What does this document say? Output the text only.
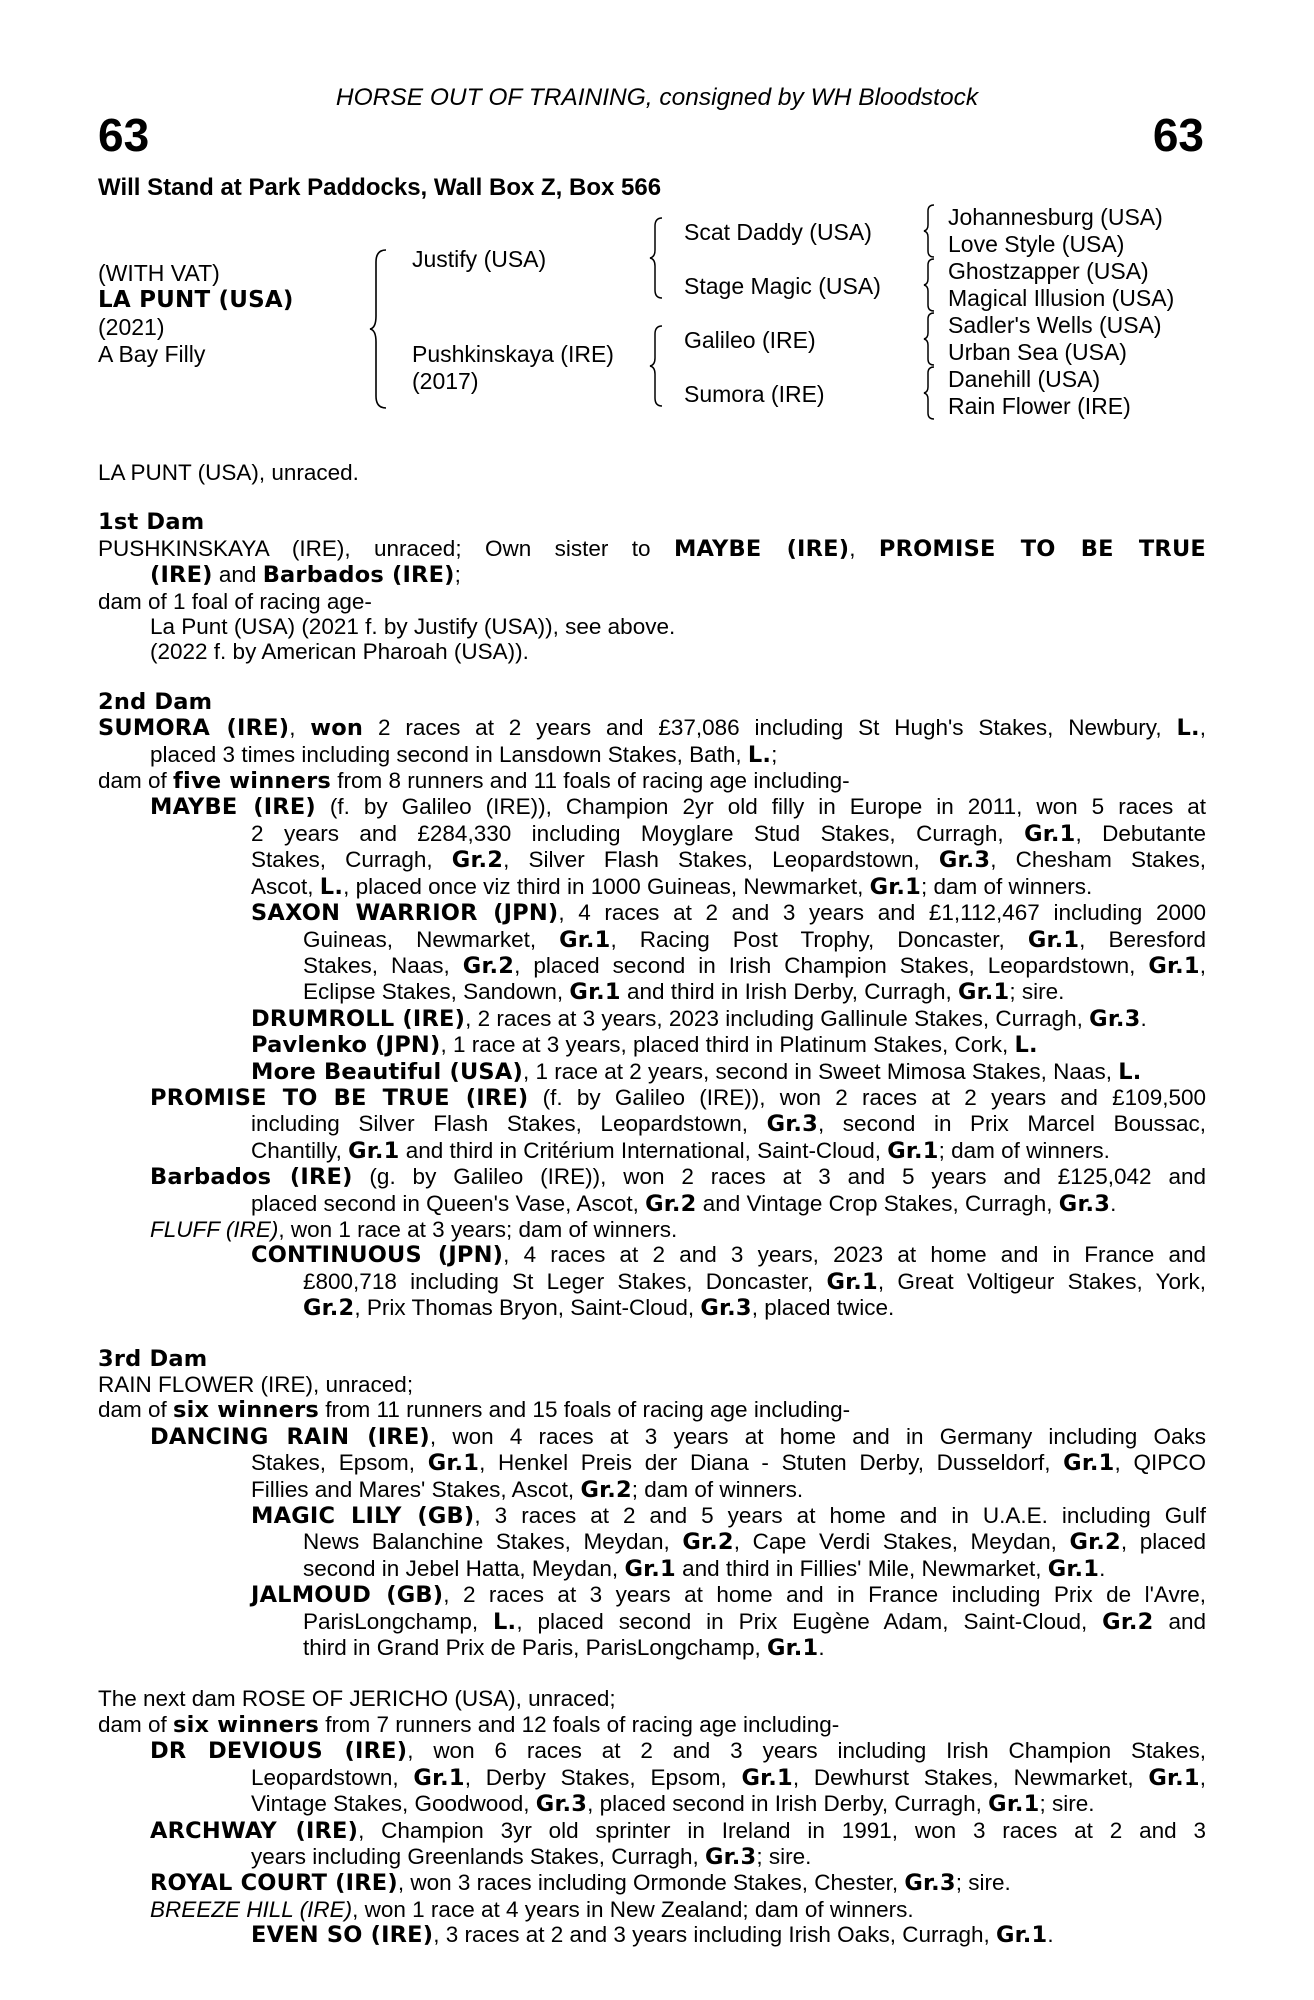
HORSE OUT OF TRAINING, consigned by WH Bloodstock
63	63
Will Stand at Park Paddocks, Wall Box Z, Box 566
(WITH VAT)
LA PUNT (USA)
(2021)
A Bay Filly
Justify (USA)
Pushkinskaya (IRE)
(2017)
Scat Daddy (USA)
Stage Magic (USA)
Galileo (IRE)
Sumora (IRE)
Johannesburg (USA)
Love Style (USA)
Ghostzapper (USA)
Magical Illusion (USA)
Sadler's Wells (USA)
Urban Sea (USA)
Danehill (USA)
Rain Flower (IRE)

LA PUNT (USA), unraced.

1st Dam

PUSHKINSKAYA (IRE), unraced; Own sister to MAYBE (IRE), PROMISE TO BE TRUE

(IRE) and Barbados (IRE);

dam of 1 foal of racing age-

La Punt (USA) (2021 f. by Justify (USA)), see above.

(2022 f. by American Pharoah (USA)).

2nd Dam

SUMORA (IRE), won 2 races at 2 years and £37,086 including St Hugh's Stakes, Newbury, L.,

placed 3 times including second in Lansdown Stakes, Bath, L.;

dam of five winners from 8 runners and 11 foals of racing age including-

MAYBE (IRE) (f. by Galileo (IRE)), Champion 2yr old filly in Europe in 2011, won 5 races at

2 years and £284,330 including Moyglare Stud Stakes, Curragh, Gr.1, Debutante

Stakes, Curragh, Gr.2, Silver Flash Stakes, Leopardstown, Gr.3, Chesham Stakes,

Ascot, L., placed once viz third in 1000 Guineas, Newmarket, Gr.1; dam of winners.

SAXON WARRIOR (JPN), 4 races at 2 and 3 years and £1,112,467 including 2000

Guineas, Newmarket, Gr.1, Racing Post Trophy, Doncaster, Gr.1, Beresford

Stakes, Naas, Gr.2, placed second in Irish Champion Stakes, Leopardstown, Gr.1,

Eclipse Stakes, Sandown, Gr.1 and third in Irish Derby, Curragh, Gr.1; sire.

DRUMROLL (IRE), 2 races at 3 years, 2023 including Gallinule Stakes, Curragh, Gr.3.

Pavlenko (JPN), 1 race at 3 years, placed third in Platinum Stakes, Cork, L.

More Beautiful (USA), 1 race at 2 years, second in Sweet Mimosa Stakes, Naas, L.

PROMISE TO BE TRUE (IRE) (f. by Galileo (IRE)), won 2 races at 2 years and £109,500

including Silver Flash Stakes, Leopardstown, Gr.3, second in Prix Marcel Boussac,

Chantilly, Gr.1 and third in Critérium International, Saint-Cloud, Gr.1; dam of winners.

Barbados (IRE) (g. by Galileo (IRE)), won 2 races at 3 and 5 years and £125,042 and

placed second in Queen's Vase, Ascot, Gr.2 and Vintage Crop Stakes, Curragh, Gr.3.

FLUFF (IRE), won 1 race at 3 years; dam of winners.

CONTINUOUS (JPN), 4 races at 2 and 3 years, 2023 at home and in France and

£800,718 including St Leger Stakes, Doncaster, Gr.1, Great Voltigeur Stakes, York,

Gr.2, Prix Thomas Bryon, Saint-Cloud, Gr.3, placed twice.

3rd Dam

RAIN FLOWER (IRE), unraced;

dam of six winners from 11 runners and 15 foals of racing age including-

DANCING RAIN (IRE), won 4 races at 3 years at home and in Germany including Oaks

Stakes, Epsom, Gr.1, Henkel Preis der Diana - Stuten Derby, Dusseldorf, Gr.1, QIPCO

Fillies and Mares' Stakes, Ascot, Gr.2; dam of winners.

MAGIC LILY (GB), 3 races at 2 and 5 years at home and in U.A.E. including Gulf

News Balanchine Stakes, Meydan, Gr.2, Cape Verdi Stakes, Meydan, Gr.2, placed

second in Jebel Hatta, Meydan, Gr.1 and third in Fillies' Mile, Newmarket, Gr.1.

JALMOUD (GB), 2 races at 3 years at home and in France including Prix de l'Avre,

ParisLongchamp, L., placed second in Prix Eugène Adam, Saint-Cloud, Gr.2 and

third in Grand Prix de Paris, ParisLongchamp, Gr.1.

The next dam ROSE OF JERICHO (USA), unraced;

dam of six winners from 7 runners and 12 foals of racing age including-

DR DEVIOUS (IRE), won 6 races at 2 and 3 years including Irish Champion Stakes,

Leopardstown, Gr.1, Derby Stakes, Epsom, Gr.1, Dewhurst Stakes, Newmarket, Gr.1,

Vintage Stakes, Goodwood, Gr.3, placed second in Irish Derby, Curragh, Gr.1; sire.

ARCHWAY (IRE), Champion 3yr old sprinter in Ireland in 1991, won 3 races at 2 and 3

years including Greenlands Stakes, Curragh, Gr.3; sire.

ROYAL COURT (IRE), won 3 races including Ormonde Stakes, Chester, Gr.3; sire.

BREEZE HILL (IRE), won 1 race at 4 years in New Zealand; dam of winners.

EVEN SO (IRE), 3 races at 2 and 3 years including Irish Oaks, Curragh, Gr.1.
